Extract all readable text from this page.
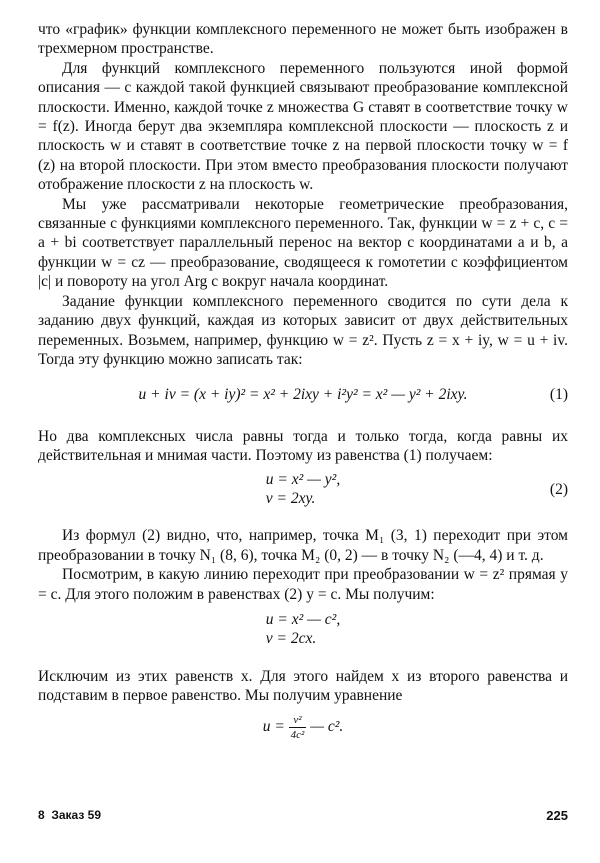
что «график» функции комплексного переменного не может быть изображен в трехмерном пространстве.

Для функций комплексного переменного пользуются иной формой описания — с каждой такой функцией связывают преобразование комплексной плоскости. Именно, каждой точке z множества G ставят в соответствие точку w = f(z). Иногда берут два экземпляра комплексной плоскости — плоскость z и плоскость w и ставят в соответствие точке z на первой плоскости точку w = f (z) на второй плоскости. При этом вместо преобразования плоскости получают отображение плоскости z на плоскость w.

Мы уже рассматривали некоторые геометрические преобразования, связанные с функциями комплексного переменного. Так, функции w = z + c, c = a + bi соответствует параллельный перенос на вектор с координатами a и b, а функции w = cz — преобразование, сводящееся к гомотетии с коэффициентом |c| и повороту на угол Arg c вокруг начала координат.

Задание функции комплексного переменного сводится по сути дела к заданию двух функций, каждая из которых зависит от двух действительных переменных. Возьмем, например, функцию w = z². Пусть z = x + iy, w = u + iv. Тогда эту функцию можно записать так:

u + iv = (x + iy)² = x² + 2ixy + i²y² = x² — y² + 2ixy.	(1)

Но два комплексных числа равны тогда и только тогда, когда равны их действительная и мнимая части. Поэтому из равенства (1) получаем:

u = x² — y²,
v = 2xy.
(2)

Из формул (2) видно, что, например, точка M₁ (3, 1) переходит при этом преобразовании в точку N₁ (8, 6), точка M₂ (0, 2) — в точку N₂ (—4, 4) и т. д.

Посмотрим, в какую линию переходит при преобразовании w = z² прямая y = c. Для этого положим в равенствах (2) y = c. Мы получим:

u = x² — c²,
v = 2cx.

Исключим из этих равенств x. Для этого найдем x из второго равенства и подставим в первое равенство. Мы получим уравнение

$u = \frac{\text{v²}}{\text{4c²}}$ — c².
8  Заказ 59	225
